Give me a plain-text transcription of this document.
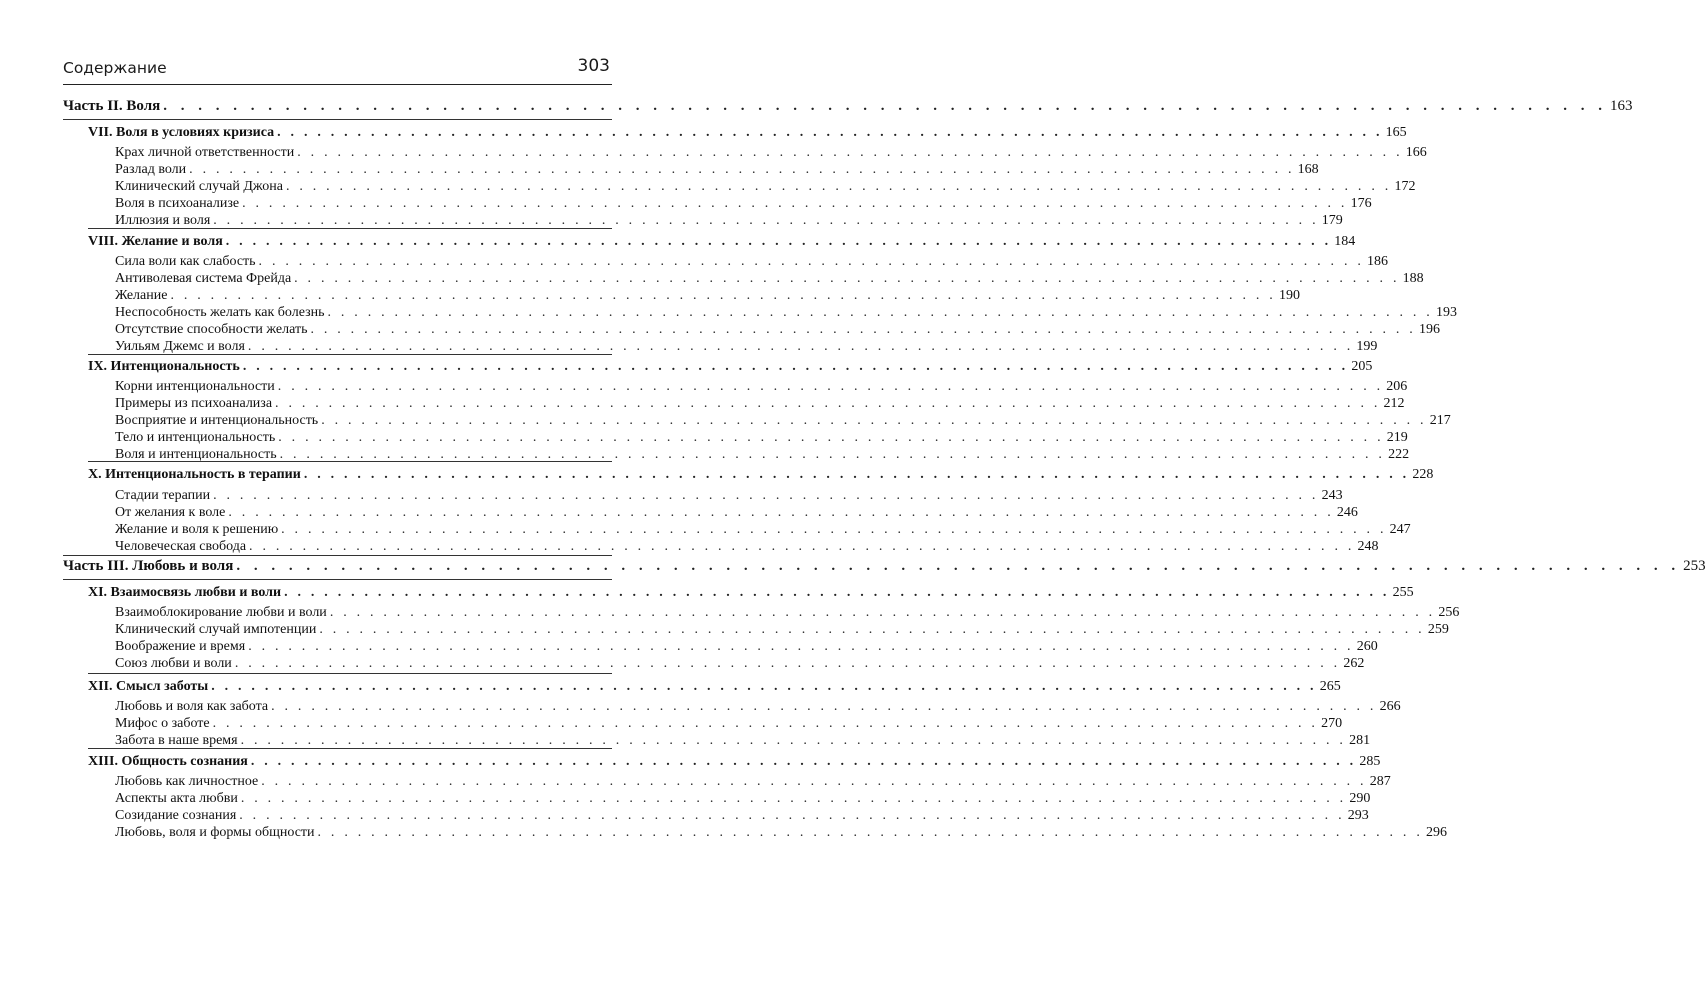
Содержание	303
Часть II. Воля . . . . . . . . . . . . . . . . . . . . . . . . . . . . . . . . . . . . . . . . . . . . . . . . . . . . . . . . . . . . . . . . . . . . . . . . . . . . . . . . . . . 163
VII. Воля в условиях кризиса . . . . . . . . . . . . . . . . . . . . . . . . . . . . . . . . . . . . . . . . . . . . . . . . . . . . . . . . . . . . . . . . . . . . . . . . . . . . . . . . . . . 165
Крах личной ответственности . . . . . . . . . . . . . . . . . . . . . . . . . . . . . . . . . . . . . . . . . . . . . . . . . . . . . . . . . . . . . . . . . . . . . . . . . . . . . . . . . . . 166
Разлад воли . . . . . . . . . . . . . . . . . . . . . . . . . . . . . . . . . . . . . . . . . . . . . . . . . . . . . . . . . . . . . . . . . . . . . . . . . . . . . . . . . . . 168
Клинический случай Джона . . . . . . . . . . . . . . . . . . . . . . . . . . . . . . . . . . . . . . . . . . . . . . . . . . . . . . . . . . . . . . . . . . . . . . . . . . . . . . . . . . . 172
Воля в психоанализе . . . . . . . . . . . . . . . . . . . . . . . . . . . . . . . . . . . . . . . . . . . . . . . . . . . . . . . . . . . . . . . . . . . . . . . . . . . . . . . . . . . 176
Иллюзия и воля . . . . . . . . . . . . . . . . . . . . . . . . . . . . . . . . . . . . . . . . . . . . . . . . . . . . . . . . . . . . . . . . . . . . . . . . . . . . . . . . . . . 179
VIII. Желание и воля . . . . . . . . . . . . . . . . . . . . . . . . . . . . . . . . . . . . . . . . . . . . . . . . . . . . . . . . . . . . . . . . . . . . . . . . . . . . . . . . . . . 184
Сила воли как слабость . . . . . . . . . . . . . . . . . . . . . . . . . . . . . . . . . . . . . . . . . . . . . . . . . . . . . . . . . . . . . . . . . . . . . . . . . . . . . . . . . . . 186
Антиволевая система Фрейда . . . . . . . . . . . . . . . . . . . . . . . . . . . . . . . . . . . . . . . . . . . . . . . . . . . . . . . . . . . . . . . . . . . . . . . . . . . . . . . . . . . 188
Желание . . . . . . . . . . . . . . . . . . . . . . . . . . . . . . . . . . . . . . . . . . . . . . . . . . . . . . . . . . . . . . . . . . . . . . . . . . . . . . . . . . . 190
Неспособность желать как болезнь . . . . . . . . . . . . . . . . . . . . . . . . . . . . . . . . . . . . . . . . . . . . . . . . . . . . . . . . . . . . . . . . . . . . . . . . . . . . . . . . . . . 193
Отсутствие способности желать . . . . . . . . . . . . . . . . . . . . . . . . . . . . . . . . . . . . . . . . . . . . . . . . . . . . . . . . . . . . . . . . . . . . . . . . . . . . . . . . . . . 196
Уильям Джемс и воля . . . . . . . . . . . . . . . . . . . . . . . . . . . . . . . . . . . . . . . . . . . . . . . . . . . . . . . . . . . . . . . . . . . . . . . . . . . . . . . . . . . 199
IX. Интенциональность . . . . . . . . . . . . . . . . . . . . . . . . . . . . . . . . . . . . . . . . . . . . . . . . . . . . . . . . . . . . . . . . . . . . . . . . . . . . . . . . . . . 205
Корни интенциональности . . . . . . . . . . . . . . . . . . . . . . . . . . . . . . . . . . . . . . . . . . . . . . . . . . . . . . . . . . . . . . . . . . . . . . . . . . . . . . . . . . . 206
Примеры из психоанализа . . . . . . . . . . . . . . . . . . . . . . . . . . . . . . . . . . . . . . . . . . . . . . . . . . . . . . . . . . . . . . . . . . . . . . . . . . . . . . . . . . . 212
Восприятие и интенциональность . . . . . . . . . . . . . . . . . . . . . . . . . . . . . . . . . . . . . . . . . . . . . . . . . . . . . . . . . . . . . . . . . . . . . . . . . . . . . . . . . . . 217
Тело и интенциональность . . . . . . . . . . . . . . . . . . . . . . . . . . . . . . . . . . . . . . . . . . . . . . . . . . . . . . . . . . . . . . . . . . . . . . . . . . . . . . . . . . . 219
Воля и интенциональность . . . . . . . . . . . . . . . . . . . . . . . . . . . . . . . . . . . . . . . . . . . . . . . . . . . . . . . . . . . . . . . . . . . . . . . . . . . . . . . . . . . 222
X. Интенциональность в терапии . . . . . . . . . . . . . . . . . . . . . . . . . . . . . . . . . . . . . . . . . . . . . . . . . . . . . . . . . . . . . . . . . . . . . . . . . . . . . . . . . . . 228
Стадии терапии . . . . . . . . . . . . . . . . . . . . . . . . . . . . . . . . . . . . . . . . . . . . . . . . . . . . . . . . . . . . . . . . . . . . . . . . . . . . . . . . . . . 243
От желания к воле . . . . . . . . . . . . . . . . . . . . . . . . . . . . . . . . . . . . . . . . . . . . . . . . . . . . . . . . . . . . . . . . . . . . . . . . . . . . . . . . . . . 246
Желание и воля к решению . . . . . . . . . . . . . . . . . . . . . . . . . . . . . . . . . . . . . . . . . . . . . . . . . . . . . . . . . . . . . . . . . . . . . . . . . . . . . . . . . . . 247
Человеческая свобода . . . . . . . . . . . . . . . . . . . . . . . . . . . . . . . . . . . . . . . . . . . . . . . . . . . . . . . . . . . . . . . . . . . . . . . . . . . . . . . . . . . 248
Часть III. Любовь и воля . . . . . . . . . . . . . . . . . . . . . . . . . . . . . . . . . . . . . . . . . . . . . . . . . . . . . . . . . . . . . . . . . . . . . . . . . . . . . . . . . . . 253
XI. Взаимосвязь любви и воли . . . . . . . . . . . . . . . . . . . . . . . . . . . . . . . . . . . . . . . . . . . . . . . . . . . . . . . . . . . . . . . . . . . . . . . . . . . . . . . . . . . 255
Взаимоблокирование любви и воли . . . . . . . . . . . . . . . . . . . . . . . . . . . . . . . . . . . . . . . . . . . . . . . . . . . . . . . . . . . . . . . . . . . . . . . . . . . . . . . . . . . 256
Клинический случай импотенции . . . . . . . . . . . . . . . . . . . . . . . . . . . . . . . . . . . . . . . . . . . . . . . . . . . . . . . . . . . . . . . . . . . . . . . . . . . . . . . . . . . 259
Воображение и время . . . . . . . . . . . . . . . . . . . . . . . . . . . . . . . . . . . . . . . . . . . . . . . . . . . . . . . . . . . . . . . . . . . . . . . . . . . . . . . . . . . 260
Союз любви и воли . . . . . . . . . . . . . . . . . . . . . . . . . . . . . . . . . . . . . . . . . . . . . . . . . . . . . . . . . . . . . . . . . . . . . . . . . . . . . . . . . . . 262
XII. Смысл заботы . . . . . . . . . . . . . . . . . . . . . . . . . . . . . . . . . . . . . . . . . . . . . . . . . . . . . . . . . . . . . . . . . . . . . . . . . . . . . . . . . . . 265
Любовь и воля как забота . . . . . . . . . . . . . . . . . . . . . . . . . . . . . . . . . . . . . . . . . . . . . . . . . . . . . . . . . . . . . . . . . . . . . . . . . . . . . . . . . . . 266
Мифос о заботе . . . . . . . . . . . . . . . . . . . . . . . . . . . . . . . . . . . . . . . . . . . . . . . . . . . . . . . . . . . . . . . . . . . . . . . . . . . . . . . . . . . 270
Забота в наше время . . . . . . . . . . . . . . . . . . . . . . . . . . . . . . . . . . . . . . . . . . . . . . . . . . . . . . . . . . . . . . . . . . . . . . . . . . . . . . . . . . . 281
XIII. Общность сознания . . . . . . . . . . . . . . . . . . . . . . . . . . . . . . . . . . . . . . . . . . . . . . . . . . . . . . . . . . . . . . . . . . . . . . . . . . . . . . . . . . . 285
Любовь как личностное . . . . . . . . . . . . . . . . . . . . . . . . . . . . . . . . . . . . . . . . . . . . . . . . . . . . . . . . . . . . . . . . . . . . . . . . . . . . . . . . . . . 287
Аспекты акта любви . . . . . . . . . . . . . . . . . . . . . . . . . . . . . . . . . . . . . . . . . . . . . . . . . . . . . . . . . . . . . . . . . . . . . . . . . . . . . . . . . . . 290
Созидание сознания . . . . . . . . . . . . . . . . . . . . . . . . . . . . . . . . . . . . . . . . . . . . . . . . . . . . . . . . . . . . . . . . . . . . . . . . . . . . . . . . . . . 293
Любовь, воля и формы общности . . . . . . . . . . . . . . . . . . . . . . . . . . . . . . . . . . . . . . . . . . . . . . . . . . . . . . . . . . . . . . . . . . . . . . . . . . . . . . . . . . . 296
